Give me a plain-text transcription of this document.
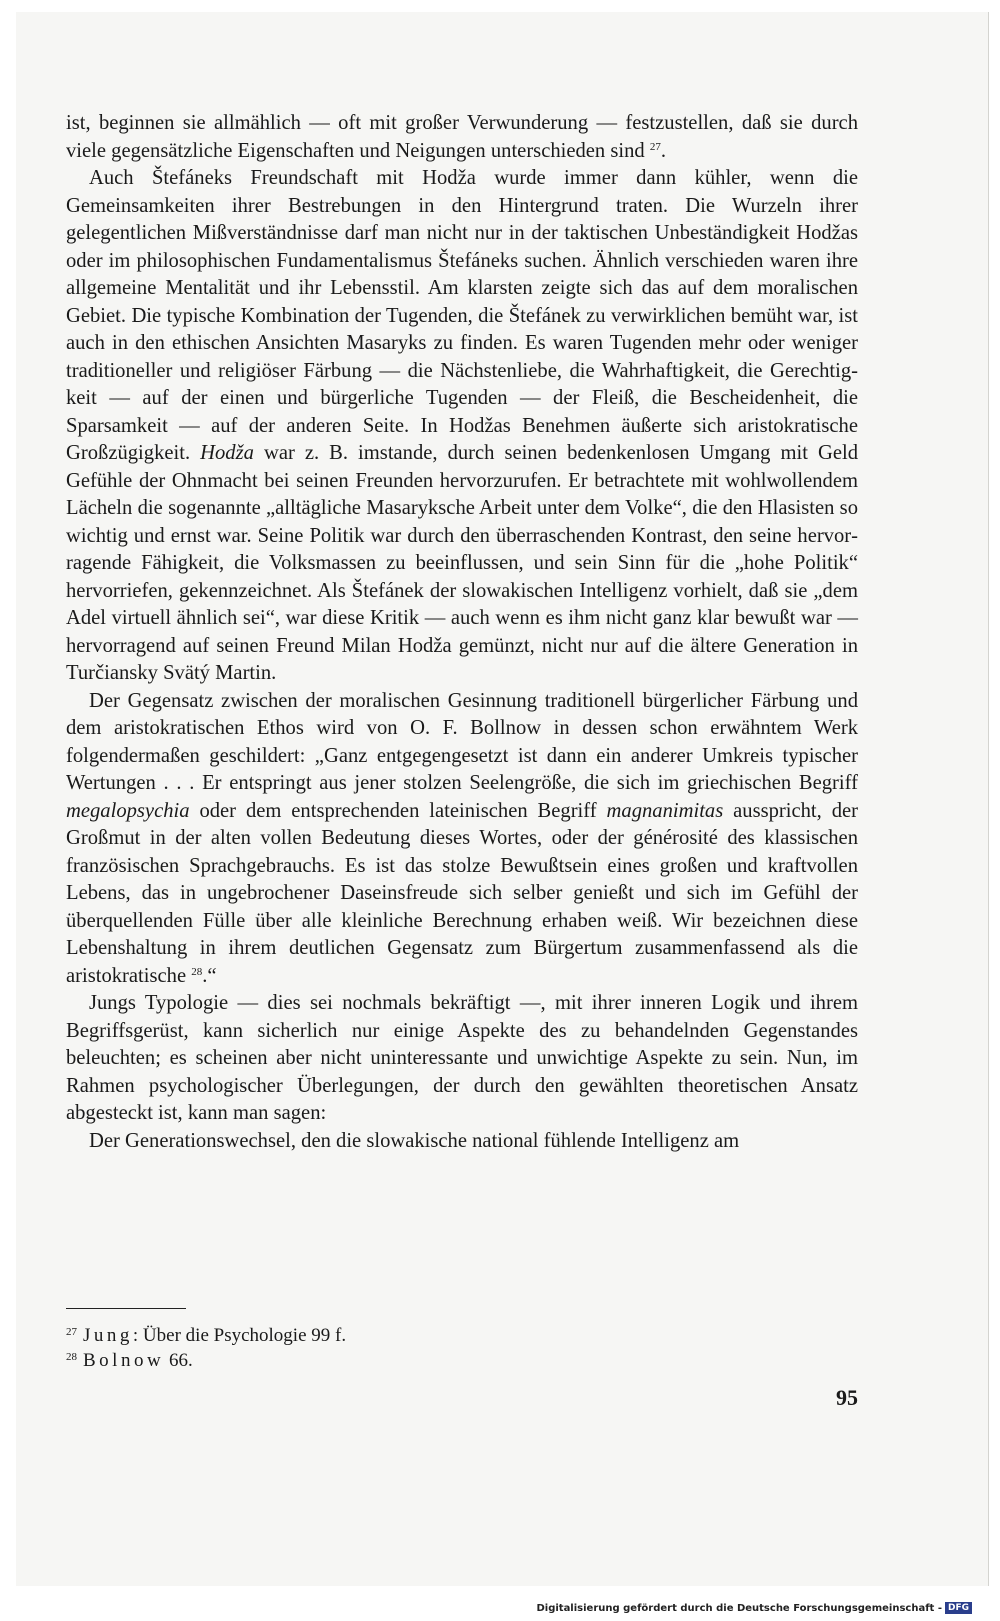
ist, beginnen sie allmählich — oft mit großer Verwunderung — festzustellen, daß sie durch viele gegensätzliche Eigenschaften und Neigungen unterschieden sind $^{27}$.

Auch Štefáneks Freundschaft mit Hodža wurde immer dann kühler, wenn die Gemeinsamkeiten ihrer Bestrebungen in den Hintergrund traten. Die Wurzeln ihrer gelegentlichen Mißverständnisse darf man nicht nur in der taktischen Unbeständigkeit Hodžas oder im philosophischen Fundamentalismus Štefáneks suchen. Ähnlich verschieden waren ihre allgemeine Mentalität und ihr Lebensstil. Am klarsten zeigte sich das auf dem moralischen Gebiet. Die typische Kombination der Tugenden, die Štefánek zu verwirklichen bemüht war, ist auch in den ethischen Ansichten Masaryks zu finden. Es waren Tugenden mehr oder weniger traditioneller und religiöser Färbung — die Nächstenliebe, die Wahrhaftigkeit, die Gerechtigkeit — auf der einen und bürgerliche Tugenden — der Fleiß, die Bescheidenheit, die Sparsamkeit — auf der anderen Seite. In Hodžas Benehmen äußerte sich aristokratische Großzügigkeit. Hodža war z. B. imstande, durch seinen bedenkenlosen Umgang mit Geld Gefühle der Ohnmacht bei seinen Freunden hervorzurufen. Er betrachtete mit wohlwollendem Lächeln die sogenannte „alltägliche Masaryksche Arbeit unter dem Volke“, die den Hlasisten so wichtig und ernst war. Seine Politik war durch den überraschenden Kontrast, den seine hervorragende Fähigkeit, die Volksmassen zu beeinflussen, und sein Sinn für die „hohe Politik“ hervorriefen, gekennzeichnet. Als Štefánek der slowakischen Intelligenz vorhielt, daß sie „dem Adel virtuell ähnlich sei“, war diese Kritik — auch wenn es ihm nicht ganz klar bewußt war — hervorragend auf seinen Freund Milan Hodža gemünzt, nicht nur auf die ältere Generation in Turčiansky Svätý Martin.

Der Gegensatz zwischen der moralischen Gesinnung traditionell bürgerlicher Färbung und dem aristokratischen Ethos wird von O. F. Bollnow in dessen schon erwähntem Werk folgendermaßen geschildert: „Ganz entgegengesetzt ist dann ein anderer Umkreis typischer Wertungen . . . Er entspringt aus jener stolzen Seelengröße, die sich im griechischen Begriff megalopsychia oder dem entsprechenden lateinischen Begriff magnanimitas ausspricht, der Großmut in der alten vollen Bedeutung dieses Wortes, oder der générosité des klassischen französischen Sprachgebrauchs. Es ist das stolze Bewußtsein eines großen und kraftvollen Lebens, das in ungebrochener Daseinsfreude sich selber genießt und sich im Gefühl der überquellenden Fülle über alle kleinliche Berechnung erhaben weiß. Wir bezeichnen diese Lebenshaltung in ihrem deutlichen Gegensatz zum Bürgertum zusammenfassend als die aristokratische $^{28}$.“

Jungs Typologie — dies sei nochmals bekräftigt —, mit ihrer inneren Logik und ihrem Begriffsgerüst, kann sicherlich nur einige Aspekte des zu behandelnden Gegenstandes beleuchten; es scheinen aber nicht uninteressante und unwichtige Aspekte zu sein. Nun, im Rahmen psychologischer Überlegungen, der durch den gewählten theoretischen Ansatz abgesteckt ist, kann man sagen:

Der Generationswechsel, den die slowakische national fühlende Intelligenz am

$^{27}$ Jung: Über die Psychologie 99 f.
$^{28}$ Bolnow 66.
95
Digitalisierung gefördert durch die Deutsche Forschungsgemeinschaft - DFG
